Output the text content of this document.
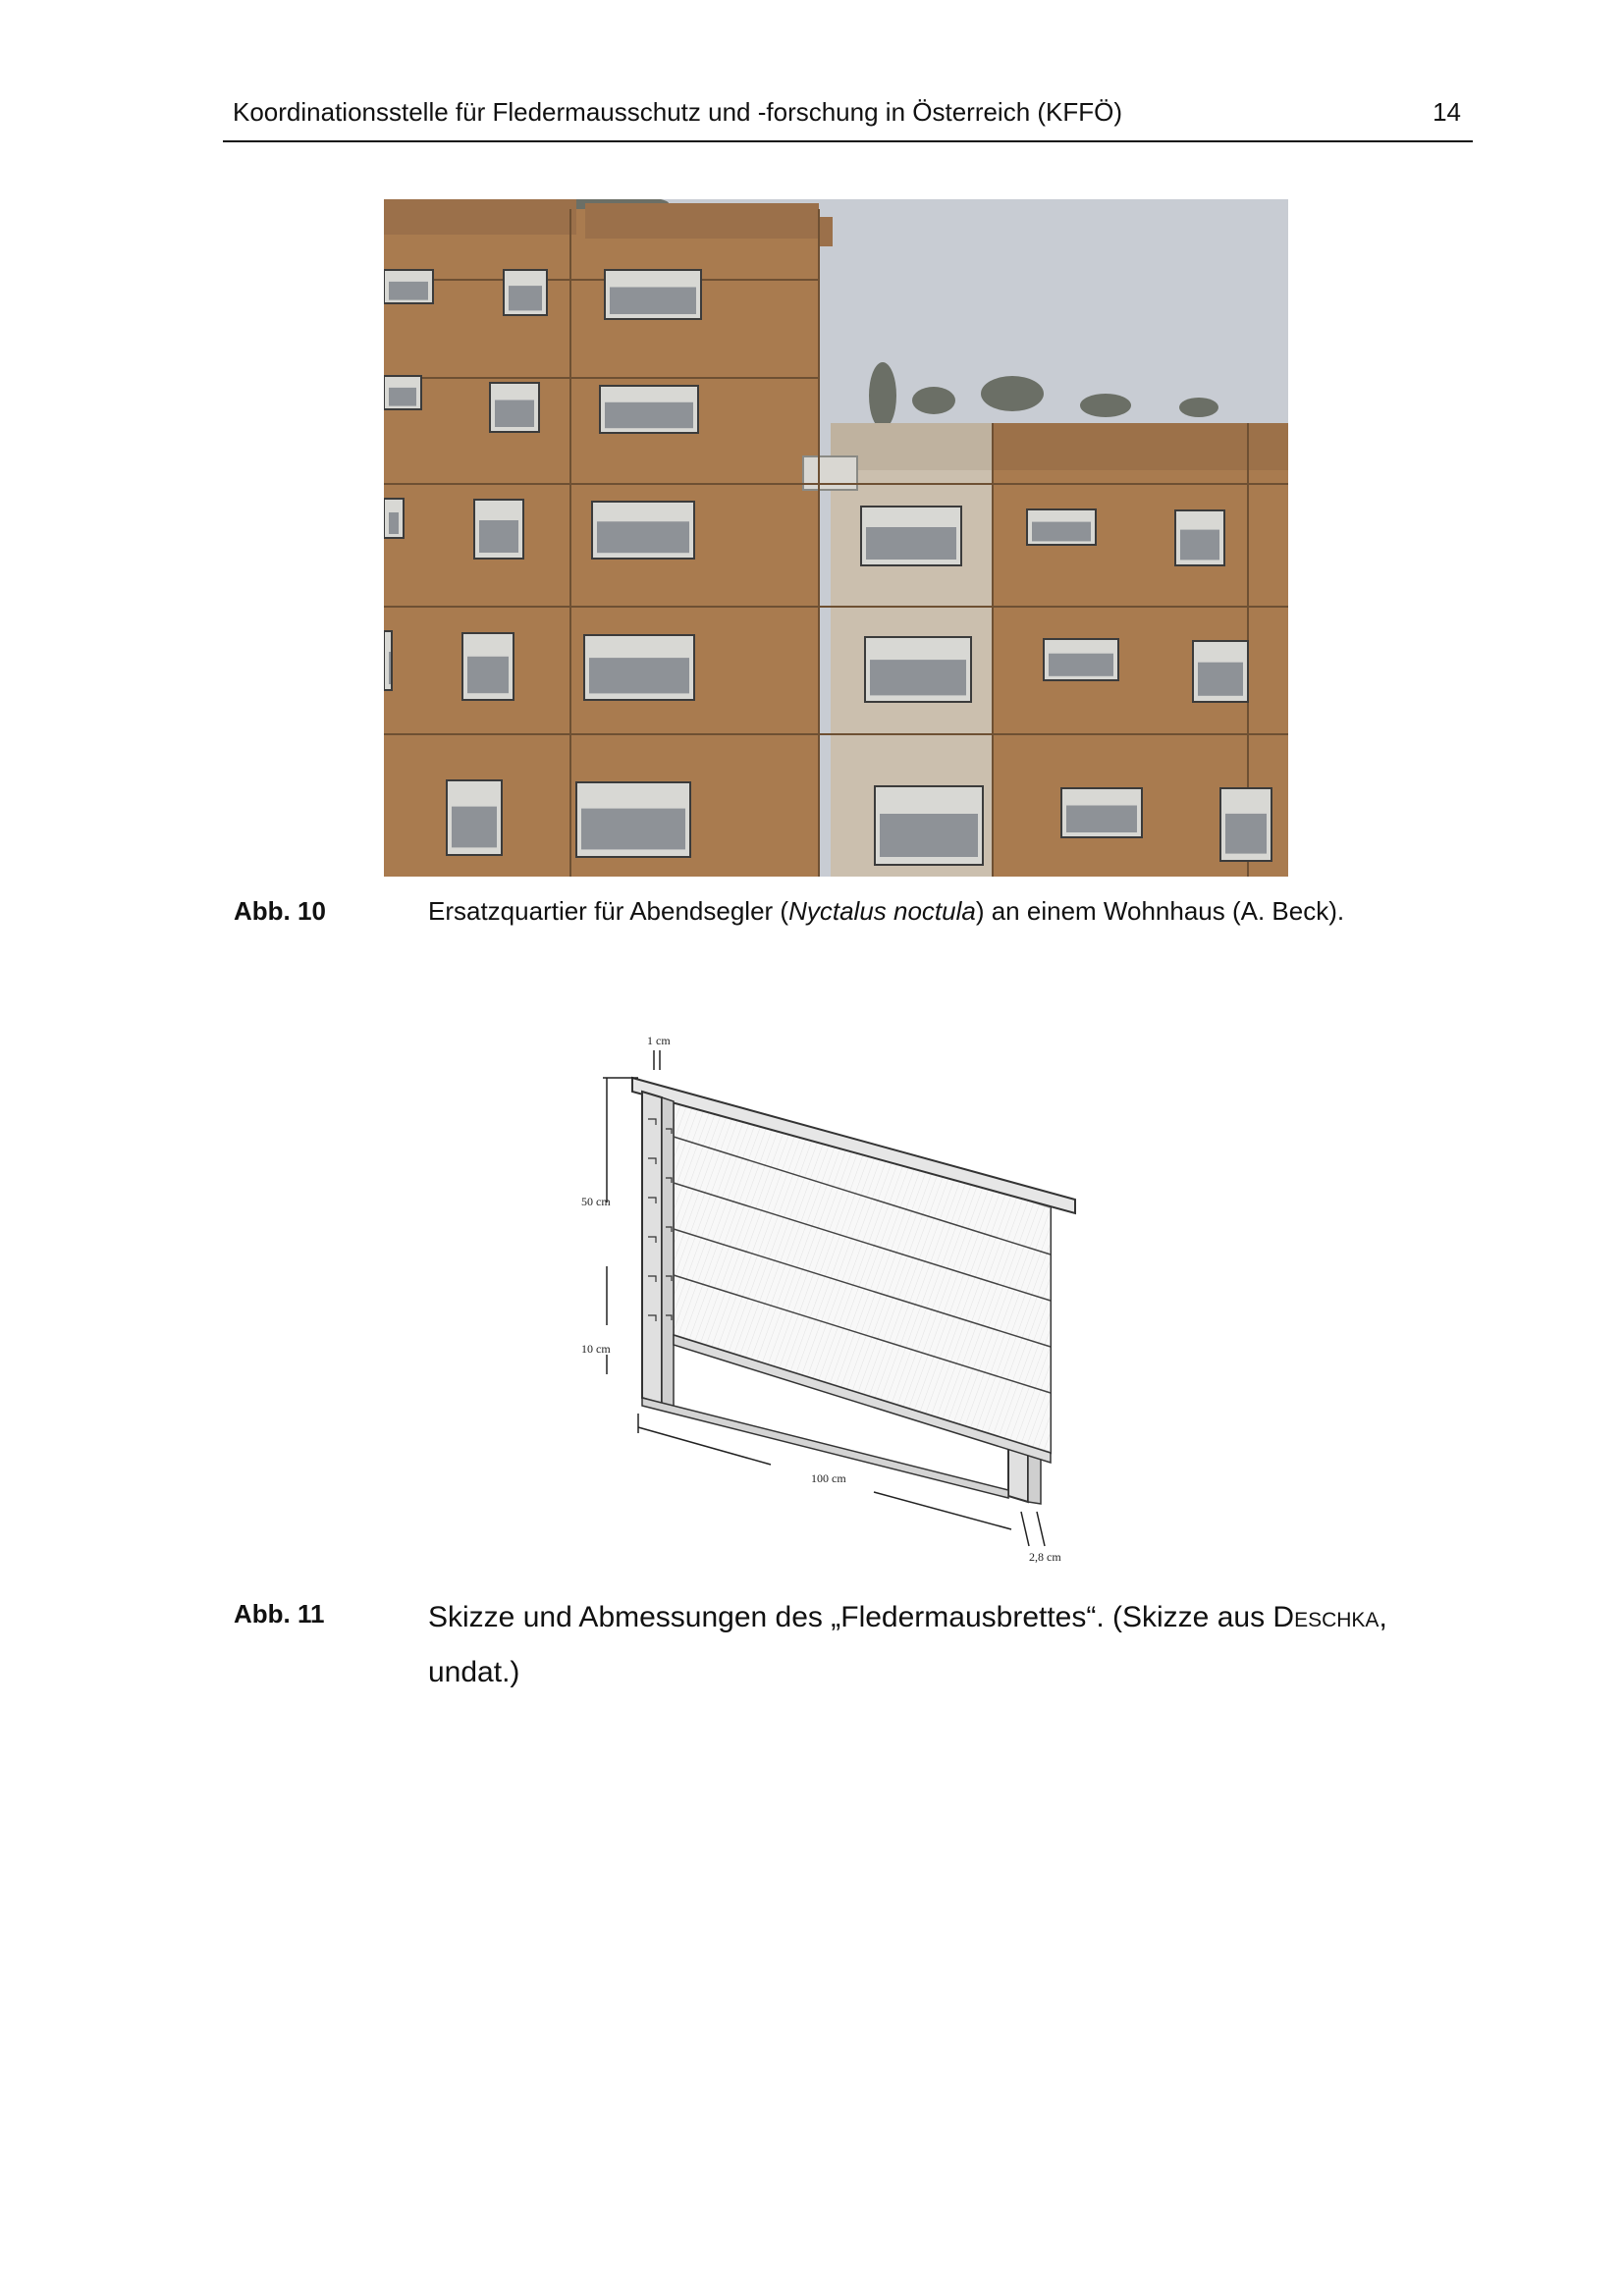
Koordinationsstelle für Fledermausschutz und -forschung in Österreich (KFFÖ)	14
Abb. 10	Ersatzquartier für Abendsegler (Nyctalus noctula) an einem Wohnhaus (A. Beck).
1 cm
50 cm
10 cm
100 cm
2,8 cm
Abb. 11	Skizze und Abmessungen des „Fledermausbrettes“. (Skizze aus Deschka, undat.)
